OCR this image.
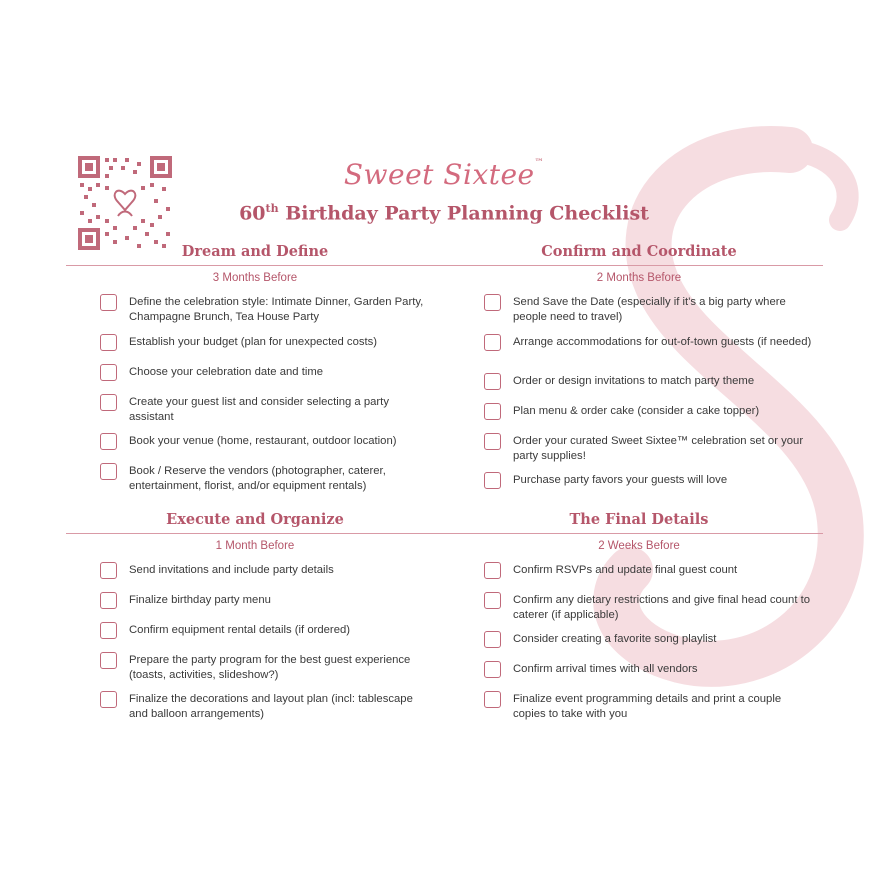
Sweet Sixtee™
60th Birthday Party Planning Checklist
Dream and Define
3 Months Before
Define the celebration style: Intimate Dinner, Garden Party, Champagne Brunch, Tea House Party
Establish your budget (plan for unexpected costs)
Choose your celebration date and time
Create your guest list and consider selecting a party assistant
Book your venue (home, restaurant, outdoor location)
Book / Reserve the vendors (photographer, caterer, entertainment, florist, and/or equipment rentals)
Confirm and Coordinate
2 Months Before
Send Save the Date (especially if it's a big party where people need to travel)
Arrange accommodations for out-of-town guests (if needed)
Order or design invitations to match party theme
Plan menu & order cake (consider a cake topper)
Order your curated Sweet Sixtee™ celebration set or your party supplies!
Purchase party favors your guests will love
Execute and Organize
1 Month Before
Send invitations and include party details
Finalize birthday party menu
Confirm equipment rental details (if ordered)
Prepare the party program for the best guest experience (toasts, activities, slideshow?)
Finalize the decorations and layout plan (incl: tablescape and balloon arrangements)
The Final Details
2 Weeks Before
Confirm RSVPs and update final guest count
Confirm any dietary restrictions and give final head count to caterer (if applicable)
Consider creating a favorite song playlist
Confirm arrival times with all vendors
Finalize event programming details and print a couple copies to take with you
